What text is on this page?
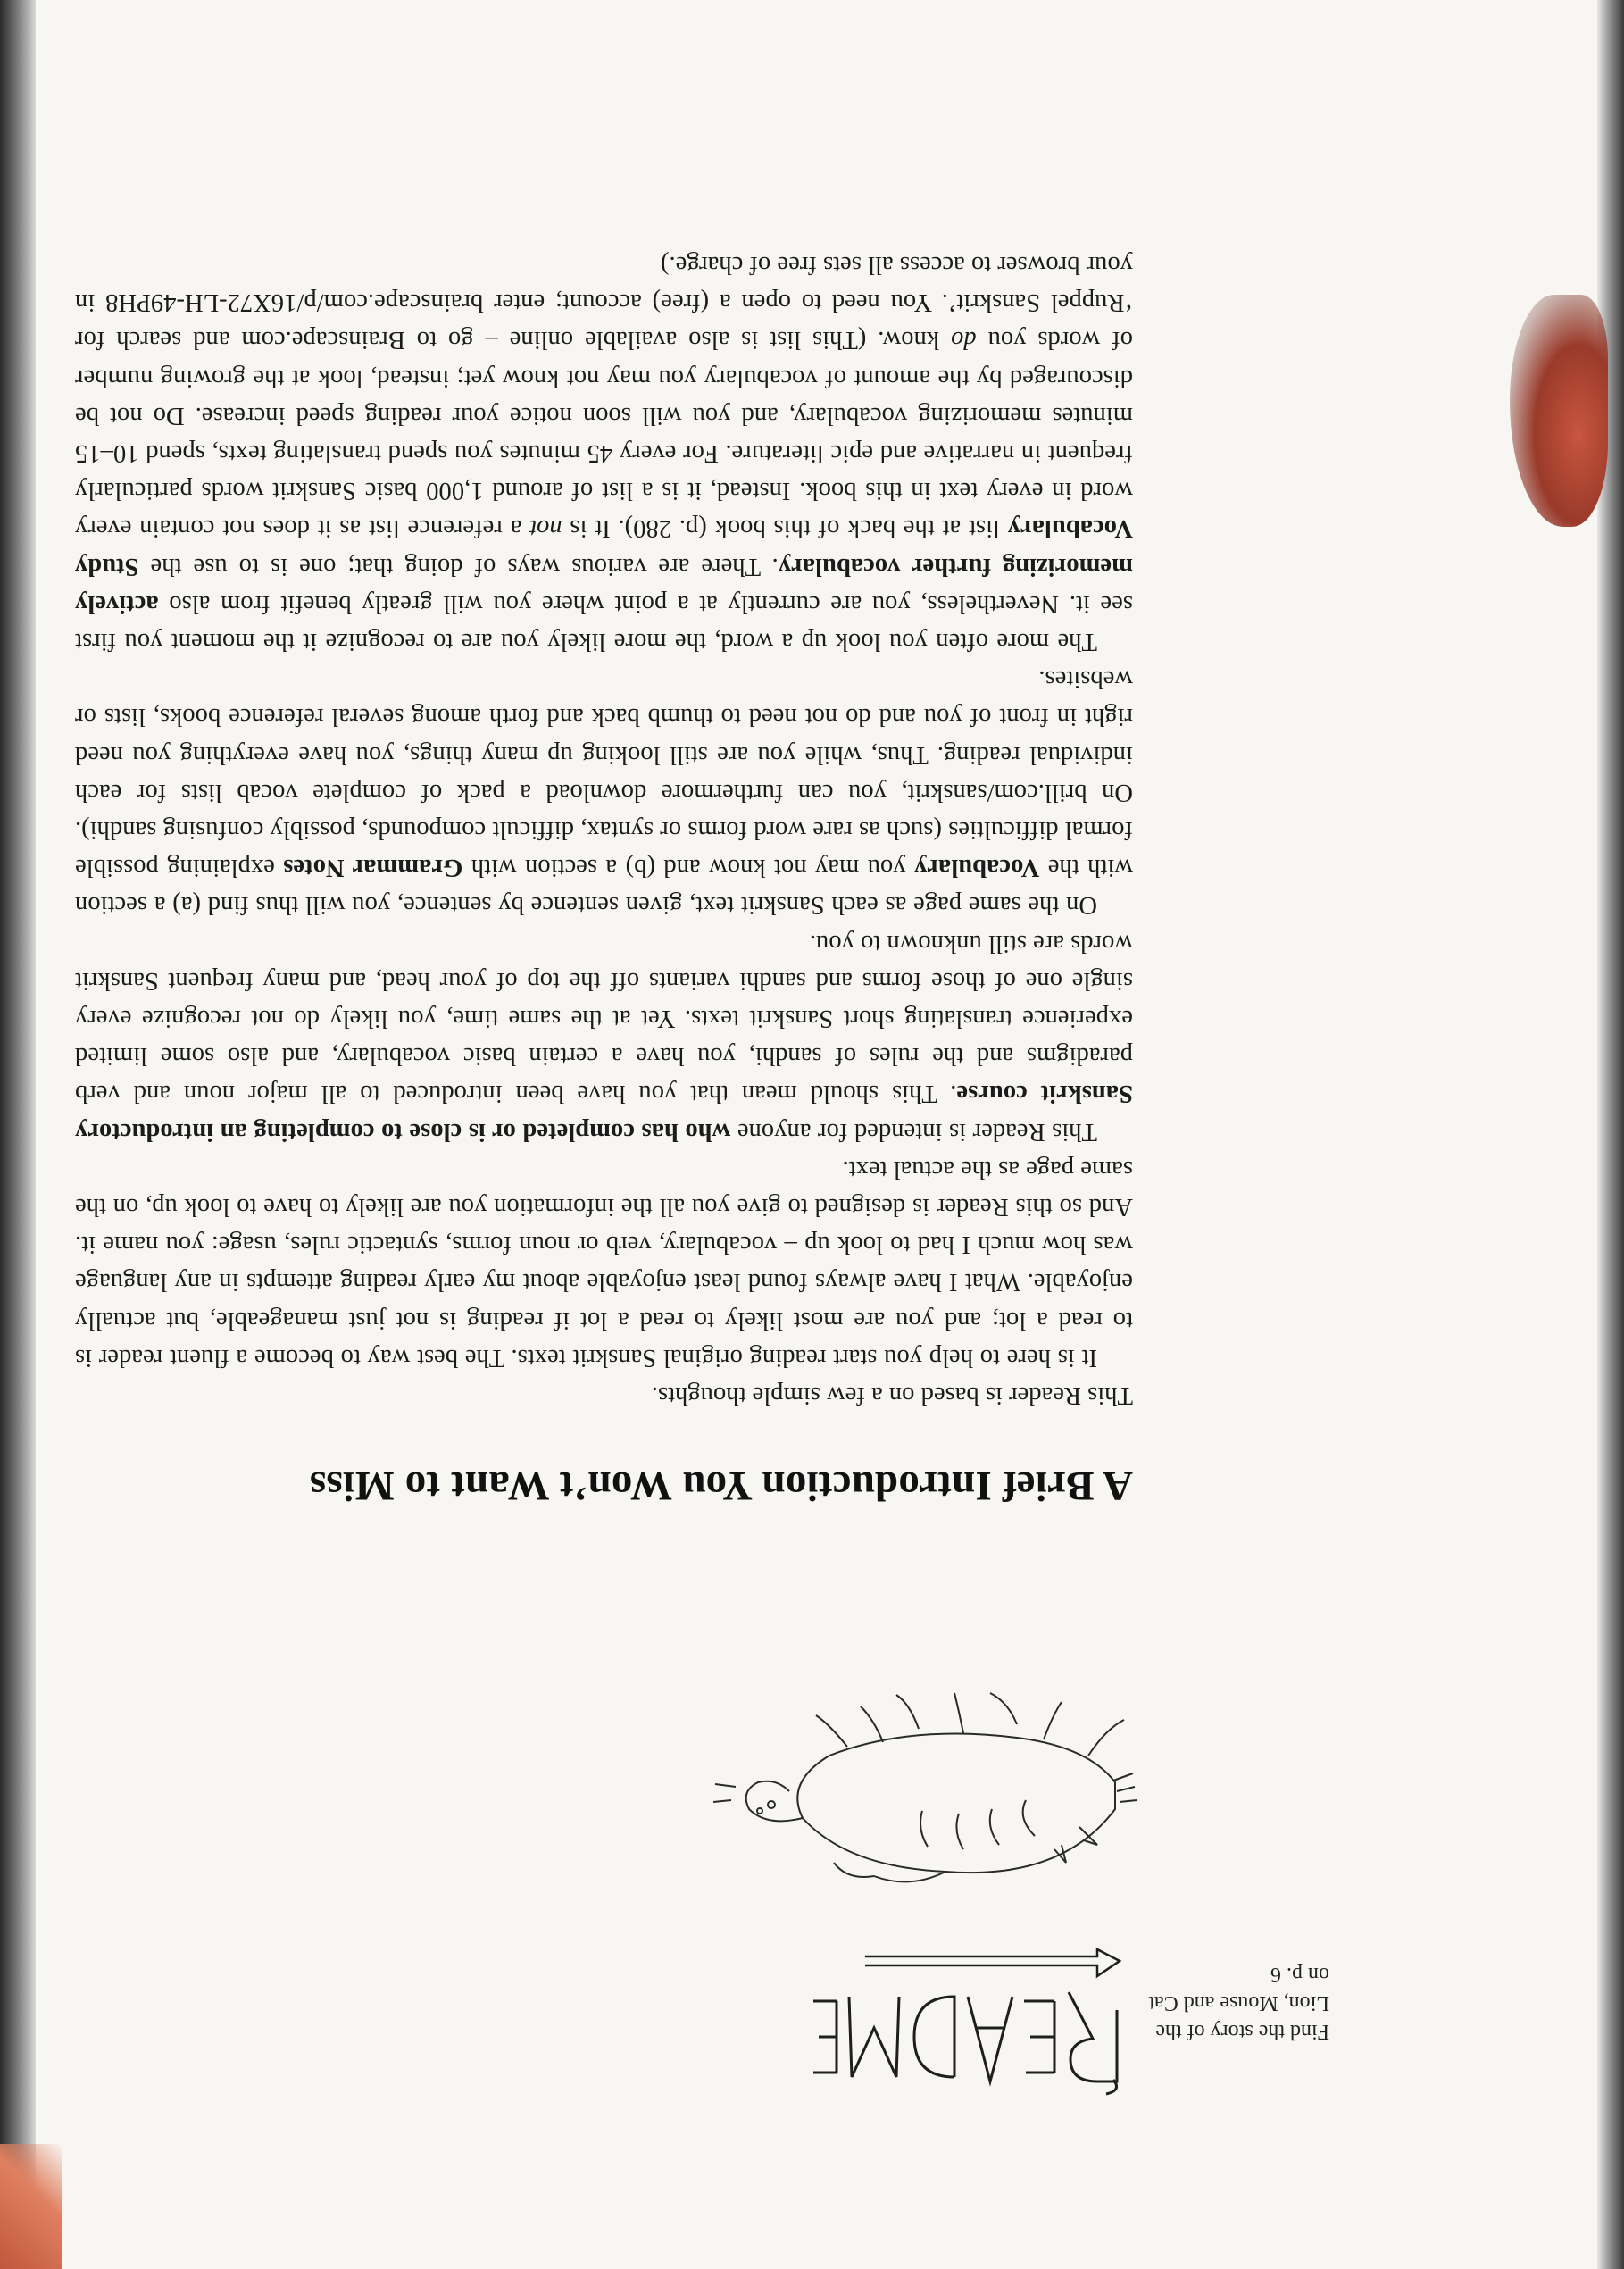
Find the story of the Lion, Mouse and Cat on p. 6
A Brief Introduction You Won’t Want to Miss

This Reader is based on a few simple thoughts.

It is here to help you start reading original Sanskrit texts. The best way to become a fluent reader is to read a lot; and you are most likely to read a lot if reading is not just manageable, but actually enjoyable. What I have always found least enjoyable about my early reading attempts in any language was how much I had to look up – vocabulary, verb or noun forms, syntactic rules, usage: you name it. And so this Reader is designed to give you all the information you are likely to have to look up, on the same page as the actual text.

This Reader is intended for anyone who has completed or is close to completing an introductory Sanskrit course. This should mean that you have been introduced to all major noun and verb paradigms and the rules of sandhi, you have a certain basic vocabulary, and also some limited experience translating short Sanskrit texts. Yet at the same time, you likely do not recognize every single one of those forms and sandhi variants off the top of your head, and many frequent Sanskrit words are still unknown to you.

On the same page as each Sanskrit text, given sentence by sentence, you will thus find (a) a section with the Vocabulary you may not know and (b) a section with Grammar Notes explaining possible formal difficulties (such as rare word forms or syntax, difficult compounds, possibly confusing sandhi). On brill.com/sanskrit, you can furthermore download a pack of complete vocab lists for each individual reading. Thus, while you are still looking up many things, you have everything you need right in front of you and do not need to thumb back and forth among several reference books, lists or websites.

The more often you look up a word, the more likely you are to recognize it the moment you first see it. Nevertheless, you are currently at a point where you will greatly benefit from also actively memorizing further vocabulary. There are various ways of doing that; one is to use the Study Vocabulary list at the back of this book (p. 280). It is not a reference list as it does not contain every word in every text in this book. Instead, it is a list of around 1,000 basic Sanskrit words particularly frequent in narrative and epic literature. For every 45 minutes you spend translating texts, spend 10–15 minutes memorizing vocabulary, and you will soon notice your reading speed increase. Do not be discouraged by the amount of vocabulary you may not know yet; instead, look at the growing number of words you do know. (This list is also available online – go to Brainscape.com and search for ‘Ruppel Sanskrit’. You need to open a (free) account; enter brainscape.com/p/16X72-LH-49PH8 in your browser to access all sets free of charge.)
